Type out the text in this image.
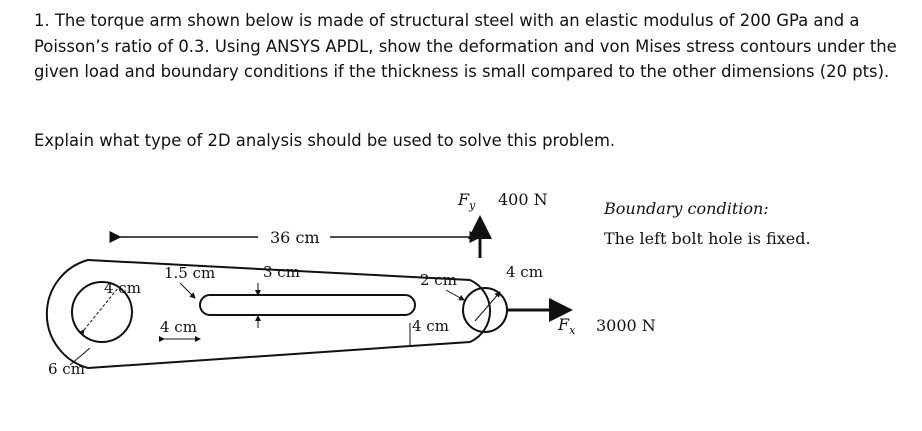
1. The torque arm shown below is made of structural steel with an elastic modulus of 200 GPa and a Poisson’s ratio of 0.3. Using ANSYS APDL, show the deformation and von Mises stress contours under the given load and boundary conditions if the thickness is small compared to the other dimensions (20 pts).

Explain what type of 2D analysis should be used to solve this problem.

36 cm
6 cm
4 cm
1.5 cm
4 cm
3 cm	2 cm
4 cm
4 cm
$F_y$ 400 N
$F_x$ 3000 N
Boundary condition:
The left bolt hole is fixed.
